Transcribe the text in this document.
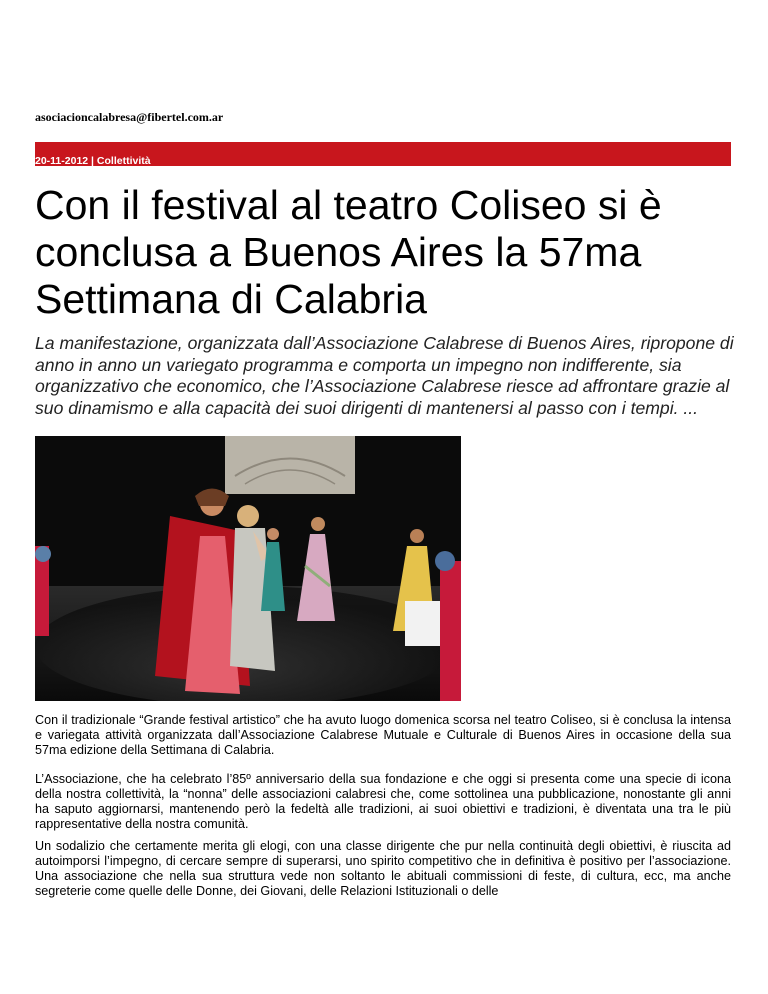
asociacioncalabresa@fibertel.com.ar
20-11-2012 | Collettività
Con il festival al teatro Coliseo si è conclusa a Buenos Aires la 57ma Settimana di Calabria
La manifestazione, organizzata dall’Associazione Calabrese di Buenos Aires, ripropone di anno in anno un variegato programma e comporta un impegno non indifferente, sia organizzativo che economico, che l’Associazione Calabrese riesce ad affrontare grazie al suo dinamismo e alla capacità dei suoi dirigenti di mantenersi al passo con i tempi. ...

Con il tradizionale “Grande festival artistico” che ha avuto luogo domenica scorsa nel teatro Coliseo, si è conclusa la intensa e variegata attività organizzata dall’Associazione Calabrese Mutuale e Culturale di Buenos Aires in occasione della sua 57ma edizione della Settimana di Calabria.

L’Associazione, che ha celebrato l’85º anniversario della sua fondazione e che oggi si presenta come una specie di icona della nostra collettività, la “nonna” delle associazioni calabresi che, come sottolinea una pubblicazione, nonostante gli anni ha saputo aggiornarsi, mantenendo però la fedeltà alle tradizioni, ai suoi obiettivi e tradizioni, è diventata una tra le più rappresentative della nostra comunità.

Un sodalizio che certamente merita gli elogi, con una classe dirigente che pur nella continuità degli obiettivi, è riuscita ad autoimporsi l’impegno, di cercare sempre di superarsi, uno spirito competitivo che in definitiva è positivo per l’associazione. Una associazione che nella sua struttura vede non soltanto le abituali commissioni di feste, di cultura, ecc, ma anche segreterie come quelle delle Donne, dei Giovani, delle Relazioni Istituzionali o delle
